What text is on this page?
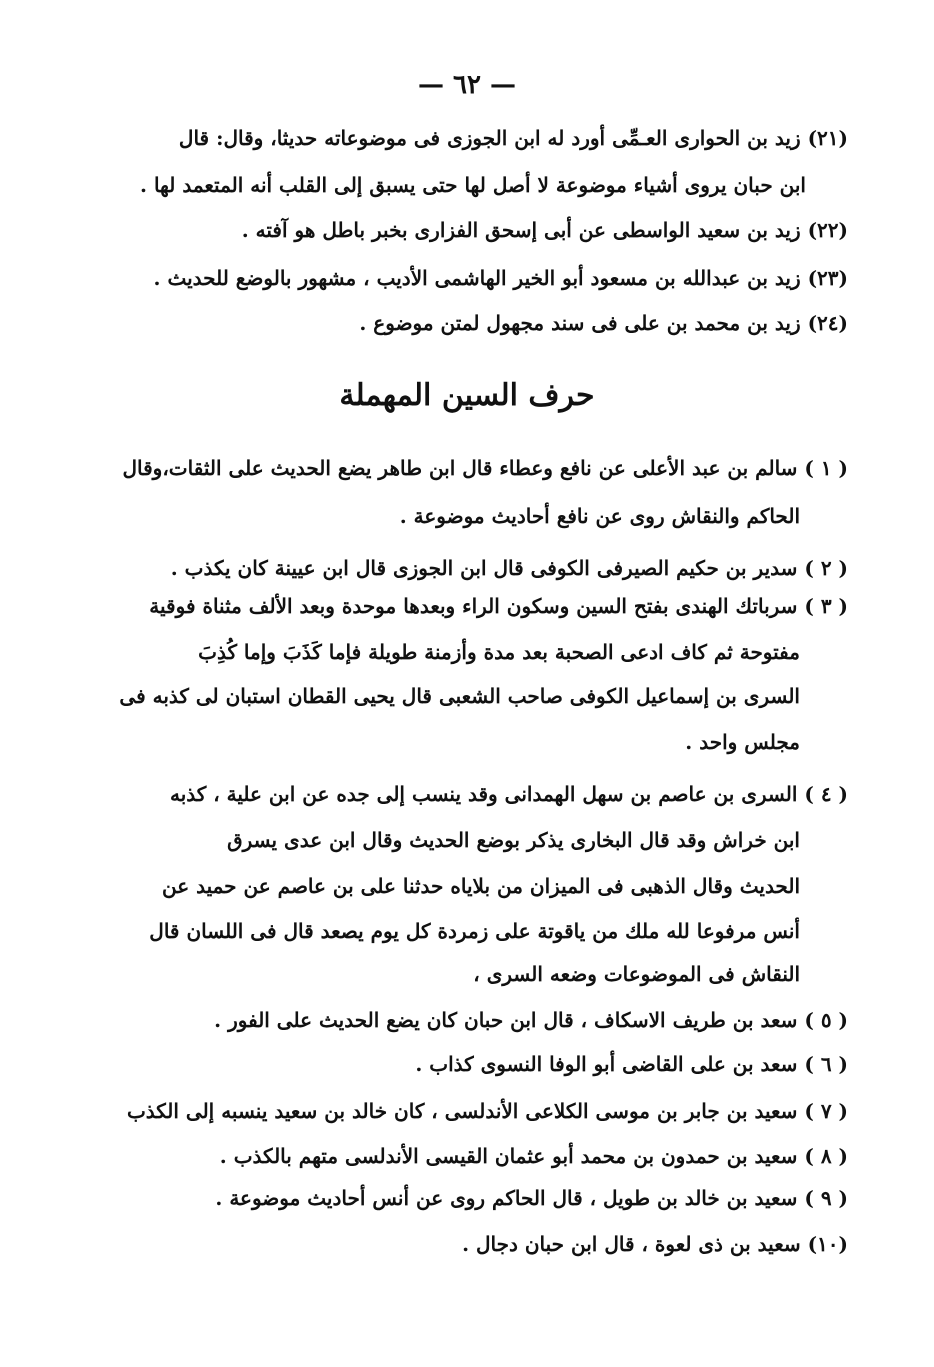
— ٦٢ —
(٢١) زيد بن الحوارى العـمِّى أورد له ابن الجوزى فى موضوعاته حديثا، وقال: قال
ابن حبان يروى أشياء موضوعة لا أصل لها حتى يسبق إلى القلب أنه المتعمد لها .
(٢٢) زيد بن سعيد الواسطى عن أبى إسحق الفزارى بخبر باطل هو آفته .
(٢٣) زيد بن عبدالله بن مسعود أبو الخير الهاشمى الأديب ، مشهور بالوضع للحديث .
(٢٤) زيد بن محمد بن على فى سند مجهول لمتن موضوع .
حرف السين المهملة
( ١ ) سالم بن عبد الأعلى عن نافع وعطاء قال ابن طاهر يضع الحديث على الثقات،وقال
الحاكم والنقاش روى عن نافع أحاديث موضوعة .
( ٢ ) سدير بن حكيم الصيرفى الكوفى قال ابن الجوزى قال ابن عيينة كان يكذب .
( ٣ ) سرباتك الهندى بفتح السين وسكون الراء وبعدها موحدة وبعد الألف مثناة فوقية
مفتوحة ثم كاف ادعى الصحبة بعد مدة وأزمنة طويلة فإما كَذَبَ وإما كُذِبَ
السرى بن إسماعيل الكوفى صاحب الشعبى قال يحيى القطان استبان لى كذبه فى
مجلس واحد .
( ٤ ) السرى بن عاصم بن سهل الهمدانى وقد ينسب إلى جده عن ابن علية ، كذبه
ابن خراش وقد قال البخارى يذكر بوضع الحديث وقال ابن عدى يسرق
الحديث وقال الذهبى فى الميزان من بلاياه حدثنا على بن عاصم عن حميد عن
أنس مرفوعا لله ملك من ياقوتة على زمردة كل يوم يصعد قال فى اللسان قال
النقاش فى الموضوعات وضعه السرى ،
( ٥ ) سعد بن طريف الاسكاف ، قال ابن حبان كان يضع الحديث على الفور .
( ٦ ) سعد بن على القاضى أبو الوفا النسوى كذاب .
( ٧ ) سعيد بن جابر بن موسى الكلاعى الأندلسى ، كان خالد بن سعيد ينسبه إلى الكذب
( ٨ ) سعيد بن حمدون بن محمد أبو عثمان القيسى الأندلسى متهم بالكذب .
( ٩ ) سعيد بن خالد بن طويل ، قال الحاكم روى عن أنس أحاديث موضوعة .
(١٠) سعيد بن ذى لعوة ، قال ابن حبان دجال .
